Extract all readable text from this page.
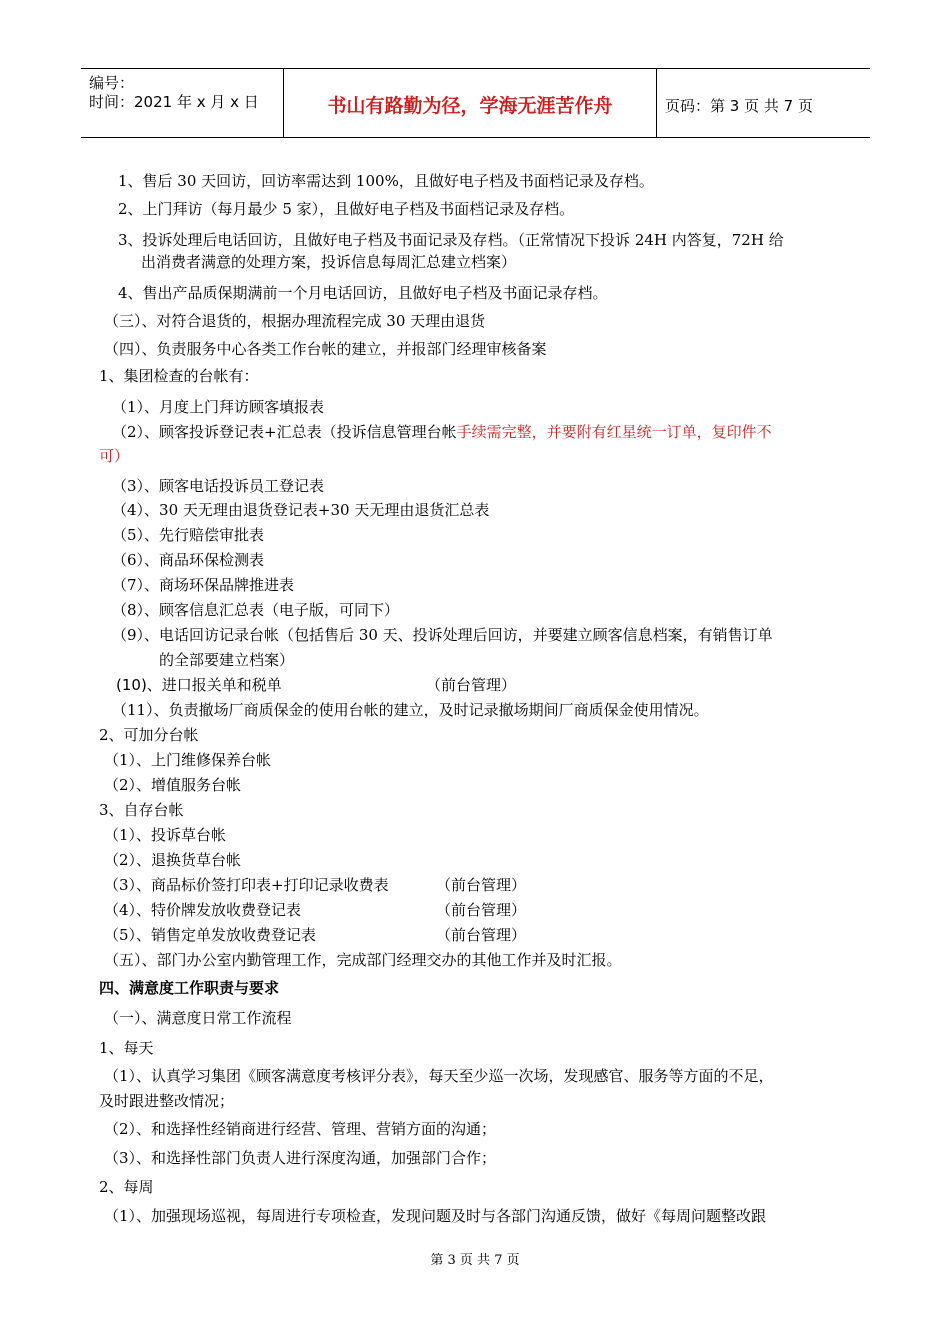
编号：
时间：2021 年 x 月 x 日	书山有路勤为径，学海无涯苦作舟	页码：第 3 页 共 7 页
1、售后 30 天回访，回访率需达到 100%，且做好电子档及书面档记录及存档。
2、上门拜访（每月最少 5 家），且做好电子档及书面档记录及存档。
3、投诉处理后电话回访，且做好电子档及书面记录及存档。（正常情况下投诉 24H 内答复，72H 给
出消费者满意的处理方案，投诉信息每周汇总建立档案）
4、售出产品质保期满前一个月电话回访，且做好电子档及书面记录存档。
（三）、对符合退货的，根据办理流程完成 30 天理由退货
（四）、负责服务中心各类工作台帐的建立，并报部门经理审核备案
1、集团检查的台帐有：
（1）、月度上门拜访顾客填报表
（2）、顾客投诉登记表+汇总表（投诉信息管理台帐手续需完整，并要附有红星统一订单，复印件不
可）
（3）、顾客电话投诉员工登记表
（4）、30 天无理由退货登记表+30 天无理由退货汇总表
（5）、先行赔偿审批表
（6）、商品环保检测表
（7）、商场环保品牌推进表
（8）、顾客信息汇总表（电子版，可同下）
（9）、电话回访记录台帐（包括售后 30 天、投诉处理后回访，并要建立顾客信息档案，有销售订单
的全部要建立档案）
(10)、进口报关单和税单	（前台管理）
（11）、负责撤场厂商质保金的使用台帐的建立，及时记录撤场期间厂商质保金使用情况。
2、可加分台帐
（1）、上门维修保养台帐
（2）、增值服务台帐
3、自存台帐
（1）、投诉草台帐
（2）、退换货草台帐
（3）、商品标价签打印表+打印记录收费表	（前台管理）
（4）、特价牌发放收费登记表	（前台管理）
（5）、销售定单发放收费登记表	（前台管理）
（五）、部门办公室内勤管理工作，完成部门经理交办的其他工作并及时汇报。
四、满意度工作职责与要求
（一）、满意度日常工作流程
1、每天
（1）、认真学习集团《顾客满意度考核评分表》，每天至少巡一次场，发现感官、服务等方面的不足，
及时跟进整改情况；
（2）、和选择性经销商进行经营、管理、营销方面的沟通；
（3）、和选择性部门负责人进行深度沟通，加强部门合作；
2、每周
（1）、加强现场巡视，每周进行专项检查，发现问题及时与各部门沟通反馈，做好《每周问题整改跟
第 3 页 共 7 页
